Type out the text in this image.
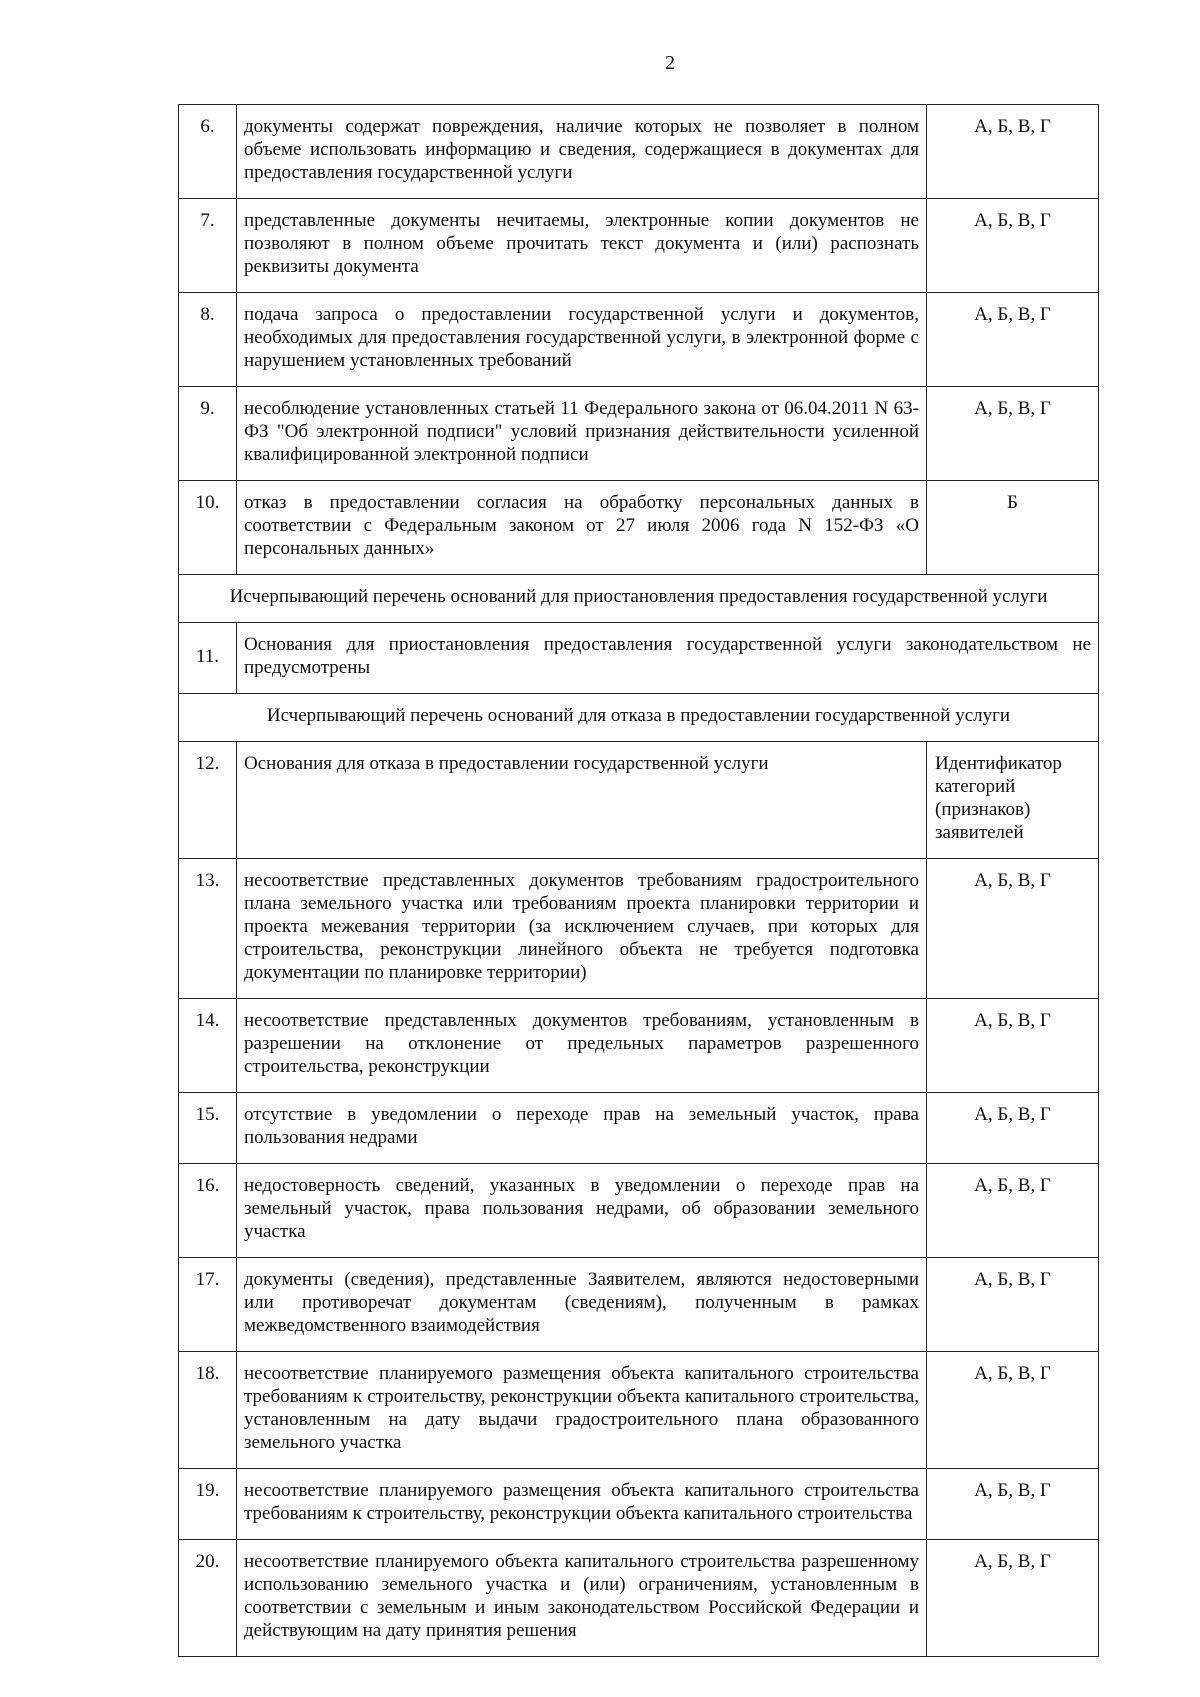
2
6.	документы содержат повреждения, наличие которых не позволяет в полном объеме использовать информацию и сведения, содержащиеся в документах для предоставления государственной услуги	А, Б, В, Г
7.	представленные документы нечитаемы, электронные копии документов не позволяют в полном объеме прочитать текст документа и (или) распознать реквизиты документа	А, Б, В, Г
8.	подача запроса о предоставлении государственной услуги и документов, необходимых для предоставления государственной услуги, в электронной форме с нарушением установленных требований	А, Б, В, Г
9.	несоблюдение установленных статьей 11 Федерального закона от 06.04.2011 N 63-ФЗ "Об электронной подписи" условий признания действительности усиленной квалифицированной электронной подписи	А, Б, В, Г
10.	отказ в предоставлении согласия на обработку персональных данных в соответствии с Федеральным законом от 27 июля 2006 года N 152-ФЗ «О персональных данных»	Б
Исчерпывающий перечень оснований для приостановления предоставления государственной услуги		
11.	Основания для приостановления предоставления государственной услуги законодательством не предусмотрены	
Исчерпывающий перечень оснований для отказа в предоставлении государственной услуги		
12.	Основания для отказа в предоставлении государственной услуги	Идентификатор категорий (признаков) заявителей
13.	несоответствие представленных документов требованиям градостроительного плана земельного участка или требованиям проекта планировки территории и проекта межевания территории (за исключением случаев, при которых для строительства, реконструкции линейного объекта не требуется подготовка документации по планировке территории)	А, Б, В, Г
14.	несоответствие представленных документов требованиям, установленным в разрешении на отклонение от предельных параметров разрешенного строительства, реконструкции	А, Б, В, Г
15.	отсутствие в уведомлении о переходе прав на земельный участок, права пользования недрами	А, Б, В, Г
16.	недостоверность сведений, указанных в уведомлении о переходе прав на земельный участок, права пользования недрами, об образовании земельного участка	А, Б, В, Г
17.	документы (сведения), представленные Заявителем, являются недостоверными или противоречат документам (сведениям), полученным в рамках межведомственного взаимодействия	А, Б, В, Г
18.	несоответствие планируемого размещения объекта капитального строительства требованиям к строительству, реконструкции объекта капитального строительства, установленным на дату выдачи градостроительного плана образованного земельного участка	А, Б, В, Г
19.	несоответствие планируемого размещения объекта капитального строительства требованиям к строительству, реконструкции объекта капитального строительства	А, Б, В, Г
20.	несоответствие планируемого объекта капитального строительства разрешенному использованию земельного участка и (или) ограничениям, установленным в соответствии с земельным и иным законодательством Российской Федерации и действующим на дату принятия решения	А, Б, В, Г
